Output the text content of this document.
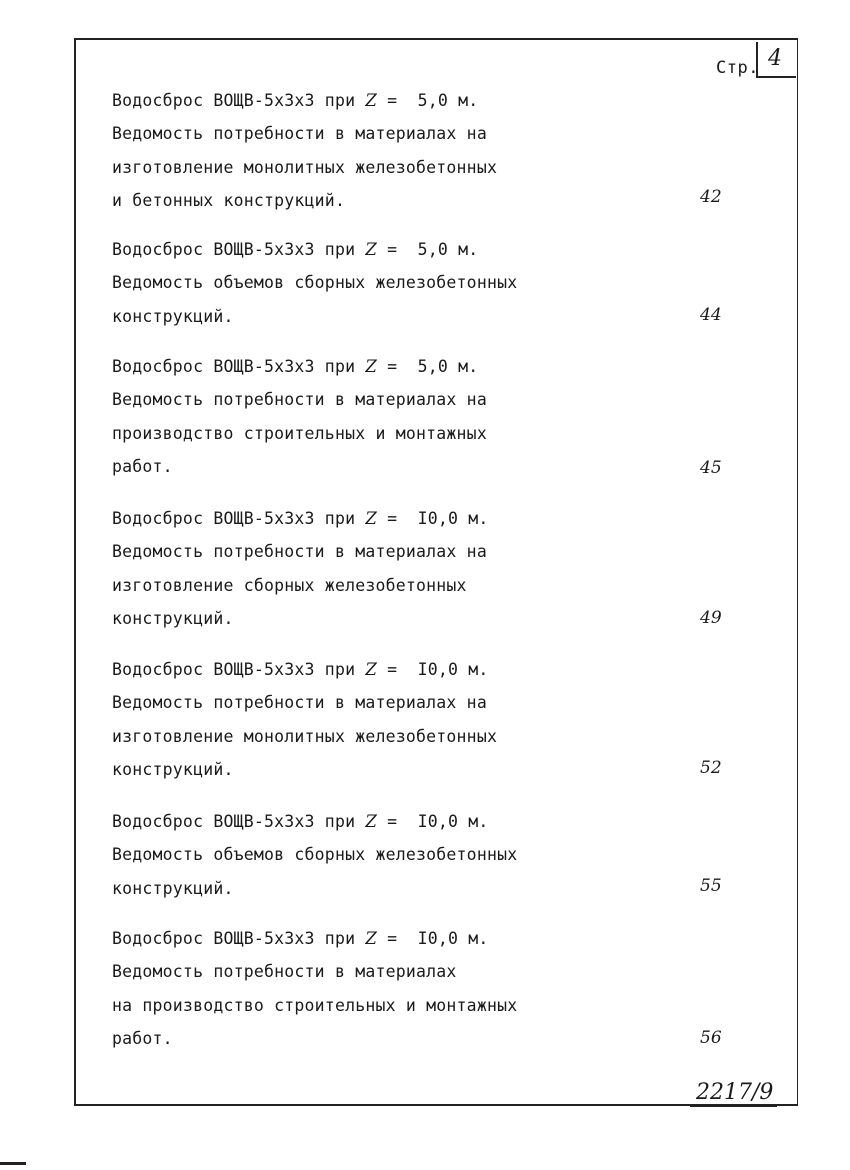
Стр. 4
Водосброс ВОЩВ-5х3х3 при Z =  5,0 м.
Ведомость потребности в материалах на
изготовление монолитных железобетонных
и бетонных конструкций.	42
Водосброс ВОЩВ-5х3х3 при Z =  5,0 м.
Ведомость объемов сборных железобетонных
конструкций.	44
Водосброс ВОЩВ-5х3х3 при Z =  5,0 м.
Ведомость потребности в материалах на
производство строительных и монтажных
работ.	45
Водосброс ВОЩВ-5х3х3 при Z =  I0,0 м.
Ведомость потребности в материалах на
изготовление сборных железобетонных
конструкций.	49
Водосброс ВОЩВ-5х3х3 при Z =  I0,0 м.
Ведомость потребности в материалах на
изготовление монолитных железобетонных
конструкций.	52
Водосброс ВОЩВ-5х3х3 при Z =  I0,0 м.
Ведомость объемов сборных железобетонных
конструкций.	55
Водосброс ВОЩВ-5х3х3 при Z =  I0,0 м.
Ведомость потребности в материалах
на производство строительных и монтажных
работ.	56
2217/9
